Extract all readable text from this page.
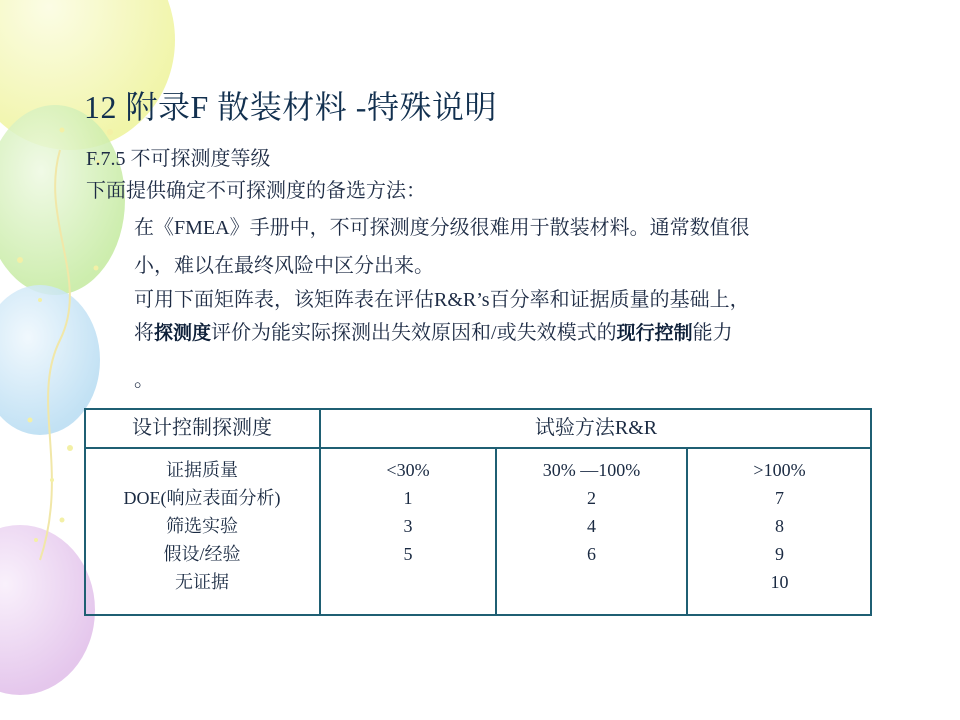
12 附录F 散装材料 -特殊说明

F.7.5 不可探测度等级

下面提供确定不可探测度的备选方法：

在《FMEA》手册中，不可探测度分级很难用于散装材料。通常数值很

小，难以在最终风险中区分出来。

可用下面矩阵表，该矩阵表在评估R&R’s百分率和证据质量的基础上，

将探测度评价为能实际探测出失效原因和/或失效模式的现行控制能力

。

设计控制探测度	试验方法R&R
证据质量
DOE(响应表面分析)
筛选实验
假设/经验
无证据
<30%
1
3
5
30% —100%
2
4
6
>100%
7
8
9
10
